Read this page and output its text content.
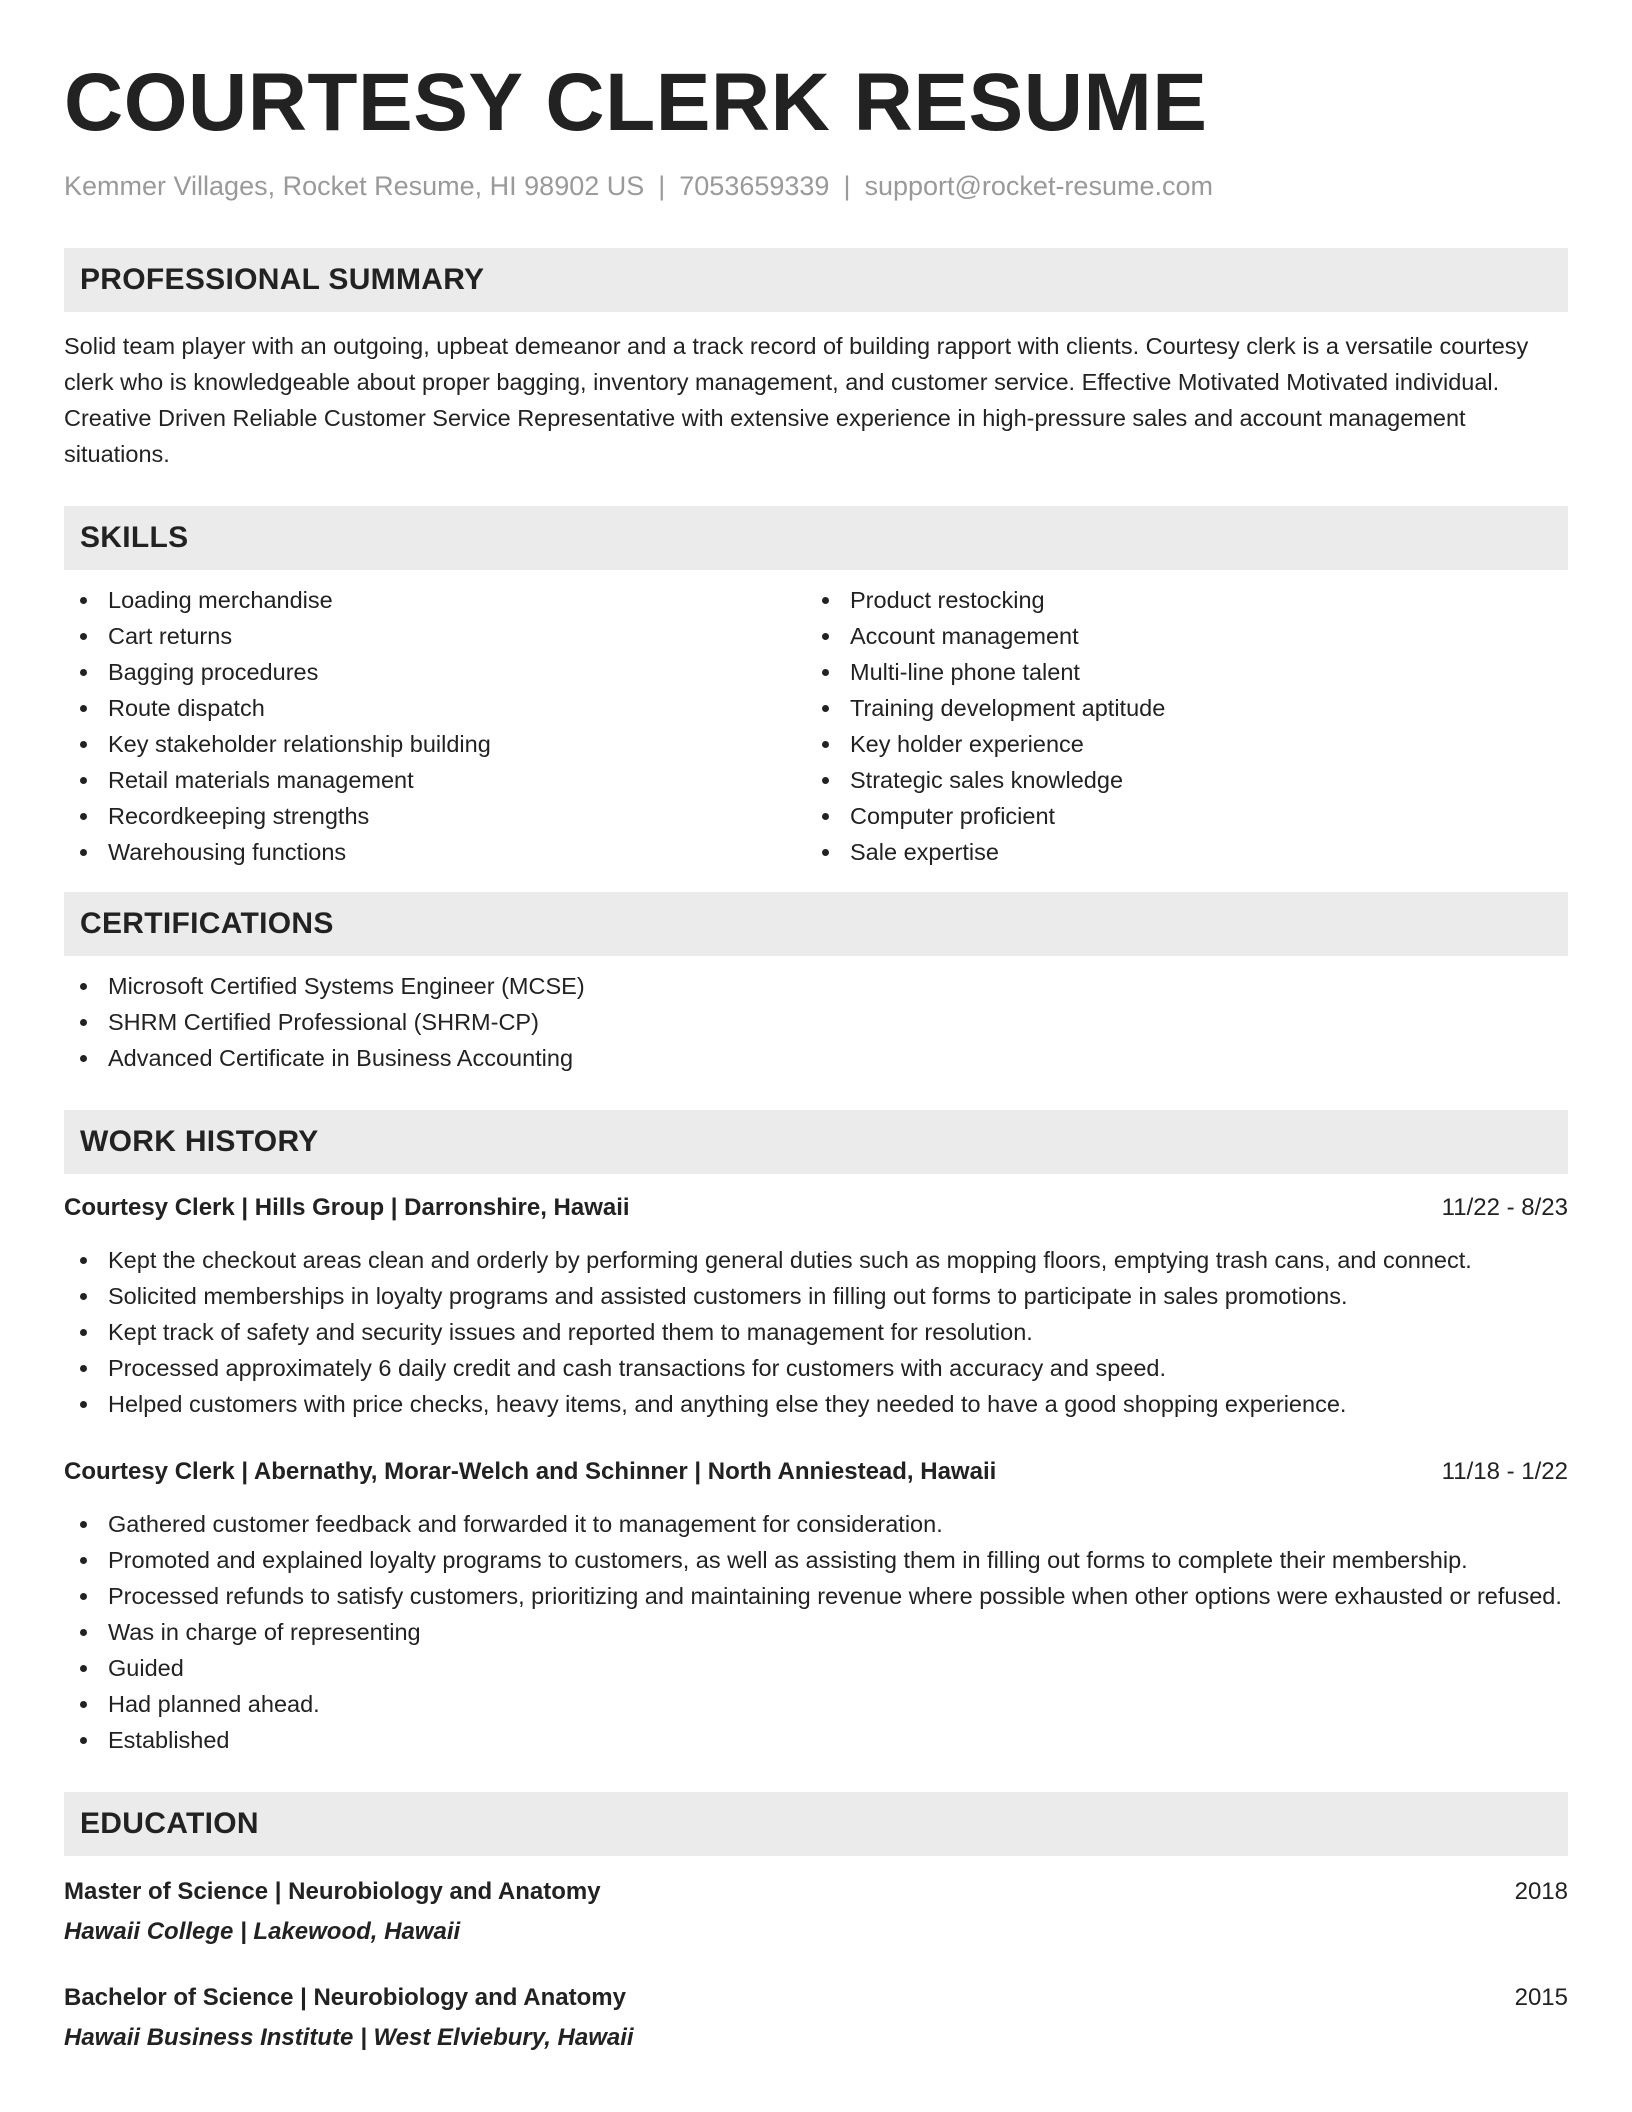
COURTESY CLERK RESUME
Kemmer Villages, Rocket Resume, HI 98902 US | 7053659339 | support@rocket-resume.com
PROFESSIONAL SUMMARY

Solid team player with an outgoing, upbeat demeanor and a track record of building rapport with clients. Courtesy clerk is a versatile courtesy clerk who is knowledgeable about proper bagging, inventory management, and customer service. Effective Motivated Motivated individual. Creative Driven Reliable Customer Service Representative with extensive experience in high-pressure sales and account management situations.

SKILLS
Loading merchandise
Cart returns
Bagging procedures
Route dispatch
Key stakeholder relationship building
Retail materials management
Recordkeeping strengths
Warehousing functions
Product restocking
Account management
Multi-line phone talent
Training development aptitude
Key holder experience
Strategic sales knowledge
Computer proficient
Sale expertise
CERTIFICATIONS
Microsoft Certified Systems Engineer (MCSE)
SHRM Certified Professional (SHRM-CP)
Advanced Certificate in Business Accounting
WORK HISTORY
Courtesy Clerk | Hills Group | Darronshire, Hawaii	11/22 - 8/23
Kept the checkout areas clean and orderly by performing general duties such as mopping floors, emptying trash cans, and connect.
Solicited memberships in loyalty programs and assisted customers in filling out forms to participate in sales promotions.
Kept track of safety and security issues and reported them to management for resolution.
Processed approximately 6 daily credit and cash transactions for customers with accuracy and speed.
Helped customers with price checks, heavy items, and anything else they needed to have a good shopping experience.
Courtesy Clerk | Abernathy, Morar-Welch and Schinner | North Anniestead, Hawaii	11/18 - 1/22
Gathered customer feedback and forwarded it to management for consideration.
Promoted and explained loyalty programs to customers, as well as assisting them in filling out forms to complete their membership.
Processed refunds to satisfy customers, prioritizing and maintaining revenue where possible when other options were exhausted or refused.
Was in charge of representing
Guided
Had planned ahead.
Established
EDUCATION
Master of Science | Neurobiology and Anatomy	2018
Hawaii College | Lakewood, Hawaii
Bachelor of Science | Neurobiology and Anatomy	2015
Hawaii Business Institute | West Elviebury, Hawaii
